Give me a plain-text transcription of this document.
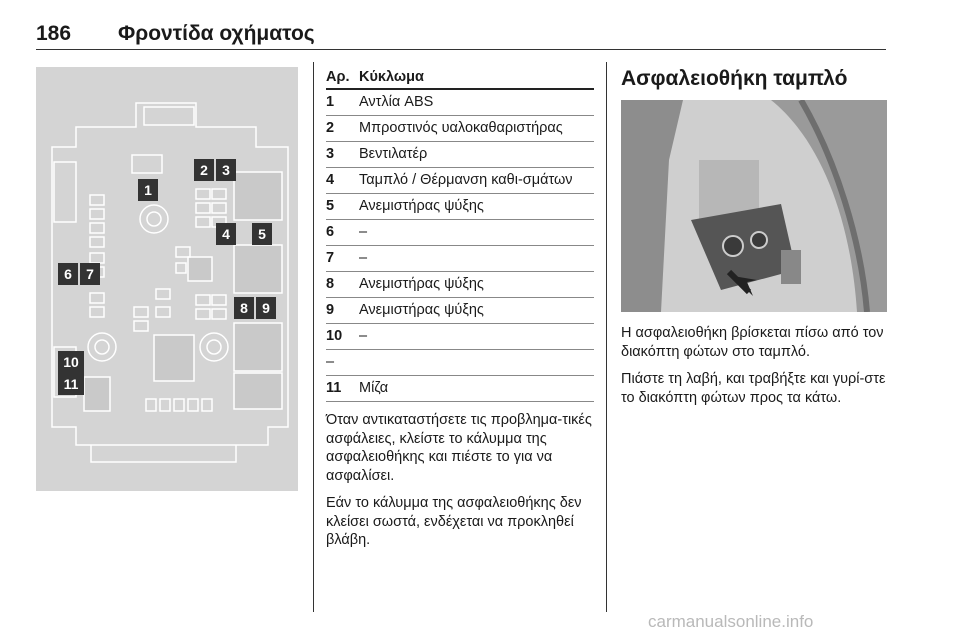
186 Φροντίδα οχήματος
1
2 3
4 5
6 7
8 9
10
11
Αρ. Κύκλωμα
1	Αντλία ABS
2	Μπροστινός υαλοκαθαριστήρας
3	Βεντιλατέρ
4	Ταμπλό / Θέρμανση καθι-σμάτων
5	Ανεμιστήρας ψύξης
6	–
7	–
8	Ανεμιστήρας ψύξης
9	Ανεμιστήρας ψύξης
10	–
–
11	Μίζα

Όταν αντικαταστήσετε τις προβλημα-τικές ασφάλειες, κλείστε το κάλυμμα της ασφαλειοθήκης και πιέστε το για να ασφαλίσει.

Εάν το κάλυμμα της ασφαλειοθήκης δεν κλείσει σωστά, ενδέχεται να προκληθεί βλάβη.

Ασφαλειοθήκη ταμπλό

Η ασφαλειοθήκη βρίσκεται πίσω από τον διακόπτη φώτων στο ταμπλό.

Πιάστε τη λαβή, και τραβήξτε και γυρί-στε το διακόπτη φώτων προς τα κάτω.

carmanualsonline.info
